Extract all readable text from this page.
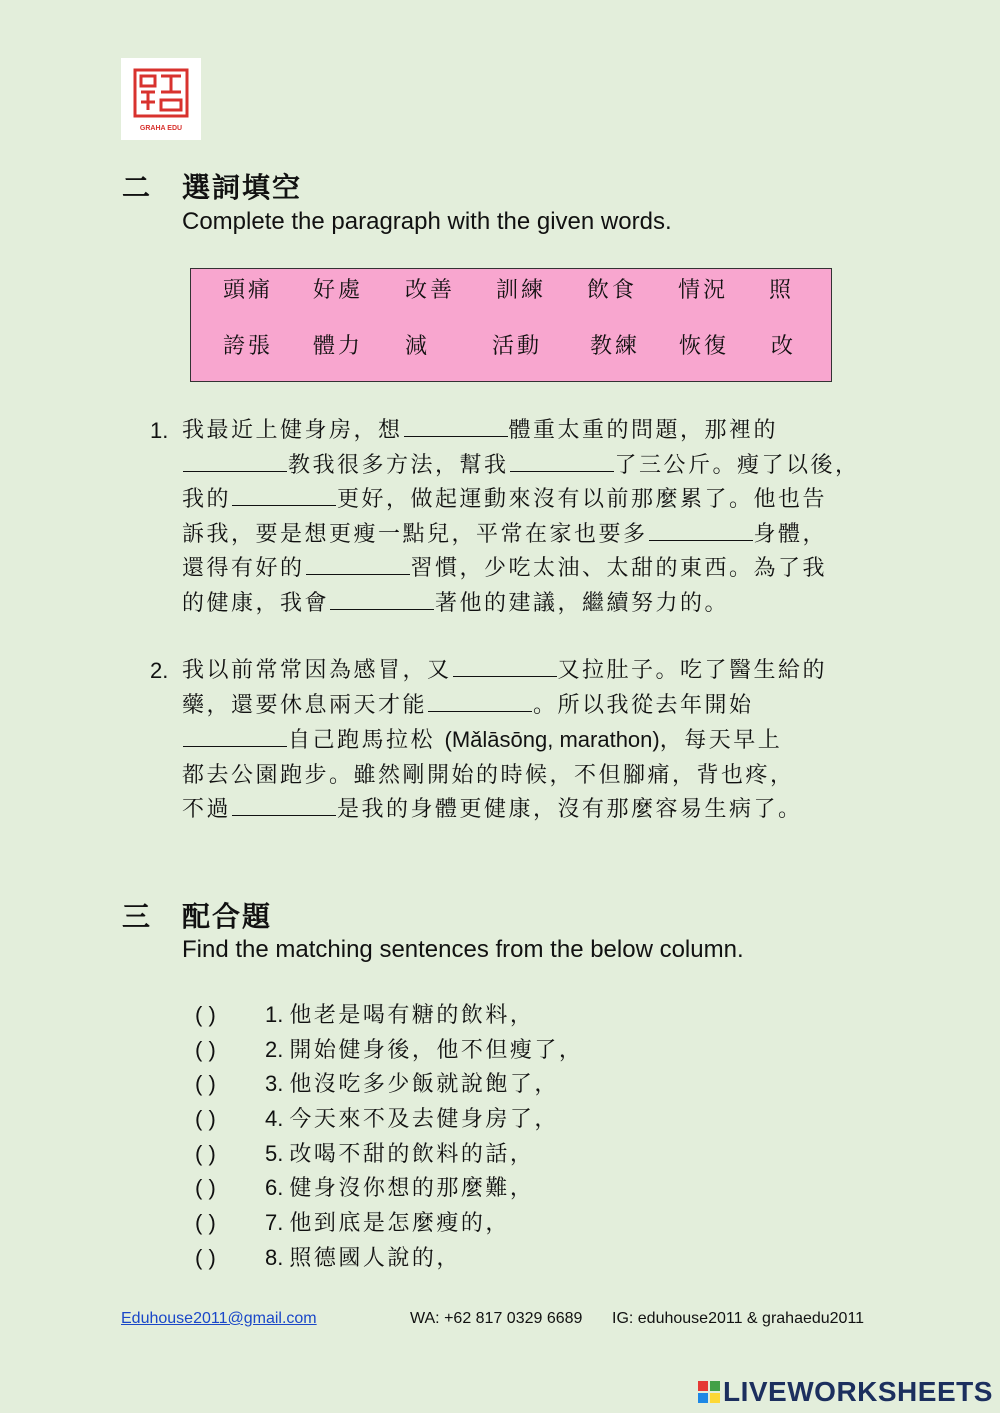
GRAHA EDU
二 選詞填空
Complete the paragraph with the given words.
頭痛 好處 改善 訓練 飲食 情況 照
誇張 體力 減	活動 教練 恢復 改
1. 我最近上健身房，想	體重太重的問題，那裡的
教我很多方法，幫我	了三公斤。瘦了以後，
我的	更好，做起運動來沒有以前那麼累了。他也告
訴我，要是想更瘦一點兒，平常在家也要多	身體，
還得有好的	習慣，少吃太油、太甜的東西。為了我
的健康，我會	著他的建議，繼續努力的。
2. 我以前常常因為感冒，又	又拉肚子。吃了醫生給的
藥，還要休息兩天才能	。所以我從去年開始
自己跑馬拉松 (Mǎlāsōng, marathon)，每天早上
都去公園跑步。雖然剛開始的時候，不但腳痛，背也疼，
不過	是我的身體更健康，沒有那麼容易生病了。
三 配合題
Find the matching sentences from the below column.
( ) 1. 他老是喝有糖的飲料，
( ) 2. 開始健身後，他不但瘦了，
( ) 3. 他沒吃多少飯就說飽了，
( ) 4. 今天來不及去健身房了，
( ) 5. 改喝不甜的飲料的話，
( ) 6. 健身沒你想的那麼難，
( ) 7. 他到底是怎麼瘦的，
( ) 8. 照德國人說的，
Eduhouse2011@gmail.com	WA: +62 817 0329 6689 IG: eduhouse2011 & grahaedu2011
LIVEWORKSHEETS
